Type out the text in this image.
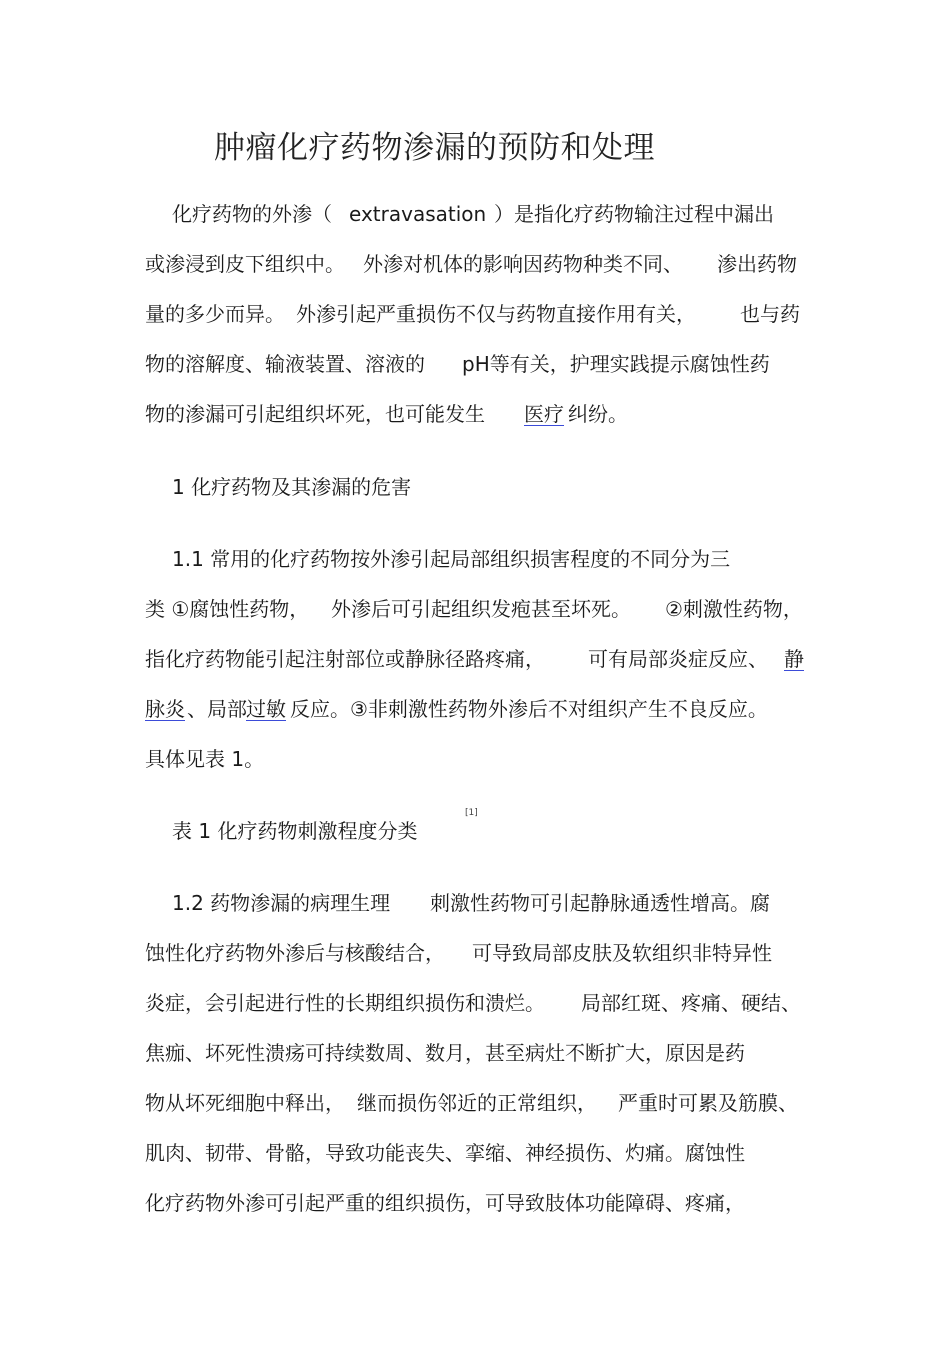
肿瘤化疗药物渗漏的预防和处理
化疗药物的外渗（ extravasation ）是指化疗药物输注过程中漏出
或渗浸到皮下组织中。 外渗对机体的影响因药物种类不同、 渗出药物
量的多少而异。 外渗引起严重损伤不仅与药物直接作用有关， 也与药
物的溶解度、输液装置、溶液的 pH等有关，护理实践提示腐蚀性药
物的渗漏可引起组织坏死，也可能发生 医疗 纠纷。
1 化疗药物及其渗漏的危害
1.1 常用的化疗药物按外渗引起局部组织损害程度的不同分为三
类 ①腐蚀性药物， 外渗后可引起组织发疱甚至坏死。 ②刺激性药物，
指化疗药物能引起注射部位或静脉径路疼痛， 可有局部炎症反应、 静
脉炎 、局部 过敏 反应。③非刺激性药物外渗后不对组织产生不良反应。
具体见表 1。
表 1 化疗药物刺激程度分类
[1]
1.2 药物渗漏的病理生理 刺激性药物可引起静脉通透性增高。腐
蚀性化疗药物外渗后与核酸结合， 可导致局部皮肤及软组织非特异性
炎症，会引起进行性的长期组织损伤和溃烂。 局部红斑、疼痛、硬结、
焦痂、坏死性溃疡可持续数周、数月，甚至病灶不断扩大，原因是药
物从坏死细胞中释出， 继而损伤邻近的正常组织， 严重时可累及筋膜、
肌肉、韧带、骨骼，导致功能丧失、挛缩、神经损伤、灼痛。腐蚀性
化疗药物外渗可引起严重的组织损伤，可导致肢体功能障碍、疼痛，
